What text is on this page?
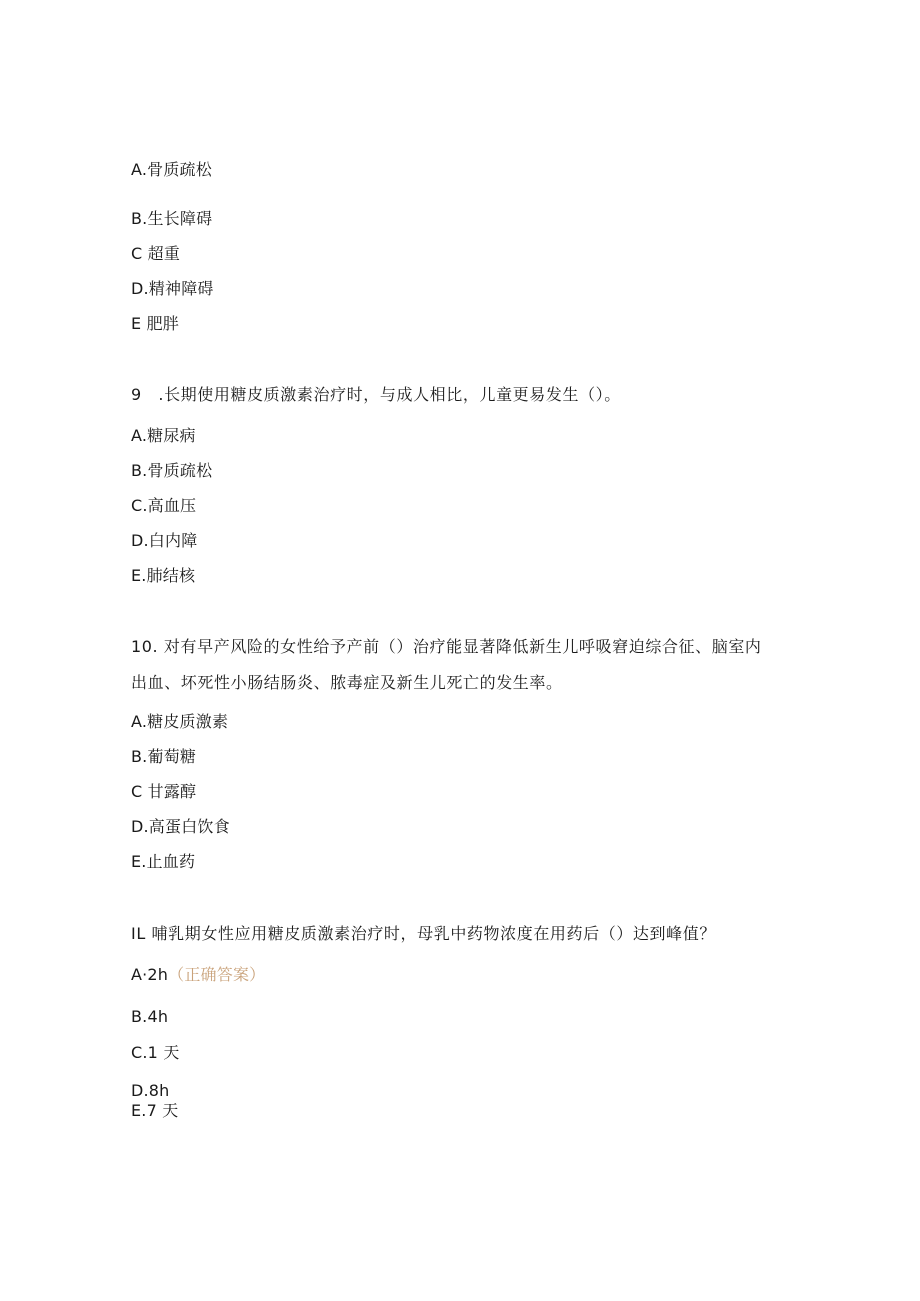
A.骨质疏松
B.生长障碍
C 超重
D.精神障碍
E 肥胖
9　.长期使用糖皮质激素治疗时，与成人相比，儿童更易发生（）。
A.糖尿病
B.骨质疏松
C.高血压
D.白内障
E.肺结核
10. 对有早产风险的女性给予产前（）治疗能显著降低新生儿呼吸窘迫综合征、脑室内
出血、坏死性小肠结肠炎、脓毒症及新生儿死亡的发生率。
A.糖皮质激素
B.葡萄糖
C 甘露醇
D.高蛋白饮食
E.止血药
IL 哺乳期女性应用糖皮质激素治疗时，母乳中药物浓度在用药后（）达到峰值？
A·2h（正确答案）
B.4h
C.1 天
D.8h
E.7 天
